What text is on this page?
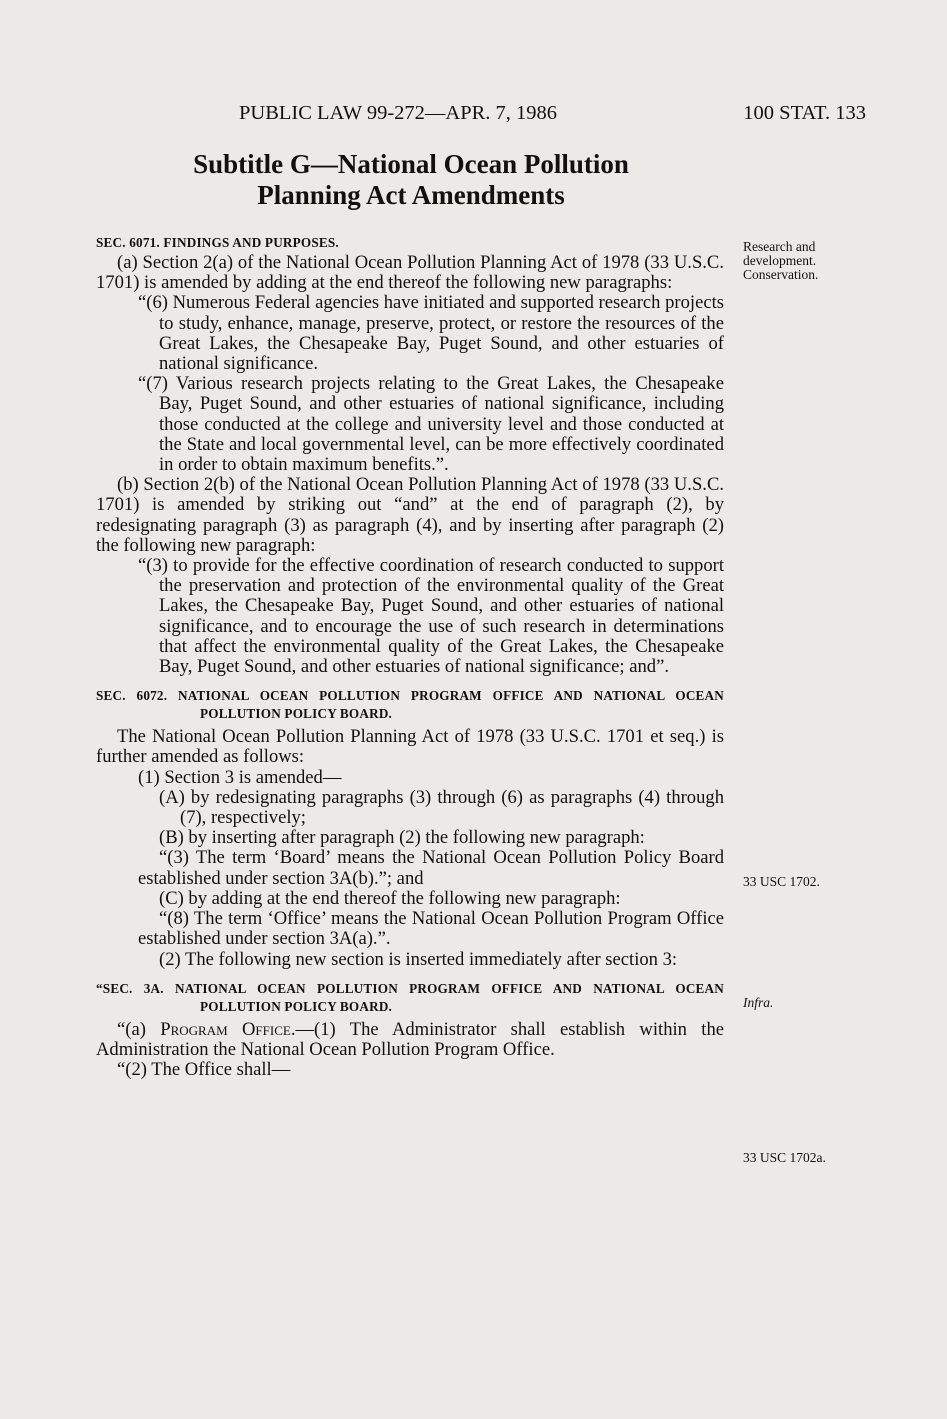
PUBLIC LAW 99-272—APR. 7, 1986	100 STAT. 133
Subtitle G—National Ocean Pollution
Planning Act Amendments

SEC. 6071. FINDINGS AND PURPOSES.

(a) Section 2(a) of the National Ocean Pollution Planning Act of 1978 (33 U.S.C. 1701) is amended by adding at the end thereof the following new paragraphs:

“(6) Numerous Federal agencies have initiated and supported research projects to study, enhance, manage, preserve, protect, or restore the resources of the Great Lakes, the Chesapeake Bay, Puget Sound, and other estuaries of national significance.

“(7) Various research projects relating to the Great Lakes, the Chesapeake Bay, Puget Sound, and other estuaries of national significance, including those conducted at the college and university level and those conducted at the State and local governmental level, can be more effectively coordinated in order to obtain maximum benefits.”.

(b) Section 2(b) of the National Ocean Pollution Planning Act of 1978 (33 U.S.C. 1701) is amended by striking out “and” at the end of paragraph (2), by redesignating paragraph (3) as paragraph (4), and by inserting after paragraph (2) the following new paragraph:

“(3) to provide for the effective coordination of research conducted to support the preservation and protection of the environmental quality of the Great Lakes, the Chesapeake Bay, Puget Sound, and other estuaries of national significance, and to encourage the use of such research in determinations that affect the environmental quality of the Great Lakes, the Chesapeake Bay, Puget Sound, and other estuaries of national significance; and”.

SEC. 6072. NATIONAL OCEAN POLLUTION PROGRAM OFFICE AND NATIONAL OCEAN POLLUTION POLICY BOARD.

The National Ocean Pollution Planning Act of 1978 (33 U.S.C. 1701 et seq.) is further amended as follows:

(1) Section 3 is amended—

(A) by redesignating paragraphs (3) through (6) as paragraphs (4) through (7), respectively;

(B) by inserting after paragraph (2) the following new paragraph:

“(3) The term ‘Board’ means the National Ocean Pollution Policy Board established under section 3A(b).”; and

(C) by adding at the end thereof the following new paragraph:

“(8) The term ‘Office’ means the National Ocean Pollution Program Office established under section 3A(a).”.

(2) The following new section is inserted immediately after section 3:

“SEC. 3A. NATIONAL OCEAN POLLUTION PROGRAM OFFICE AND NATIONAL OCEAN POLLUTION POLICY BOARD.

“(a) Program Office.—(1) The Administrator shall establish within the Administration the National Ocean Pollution Program Office.

“(2) The Office shall—

Research and
development.
Conservation.
33 USC 1702.
Infra.
33 USC 1702a.
